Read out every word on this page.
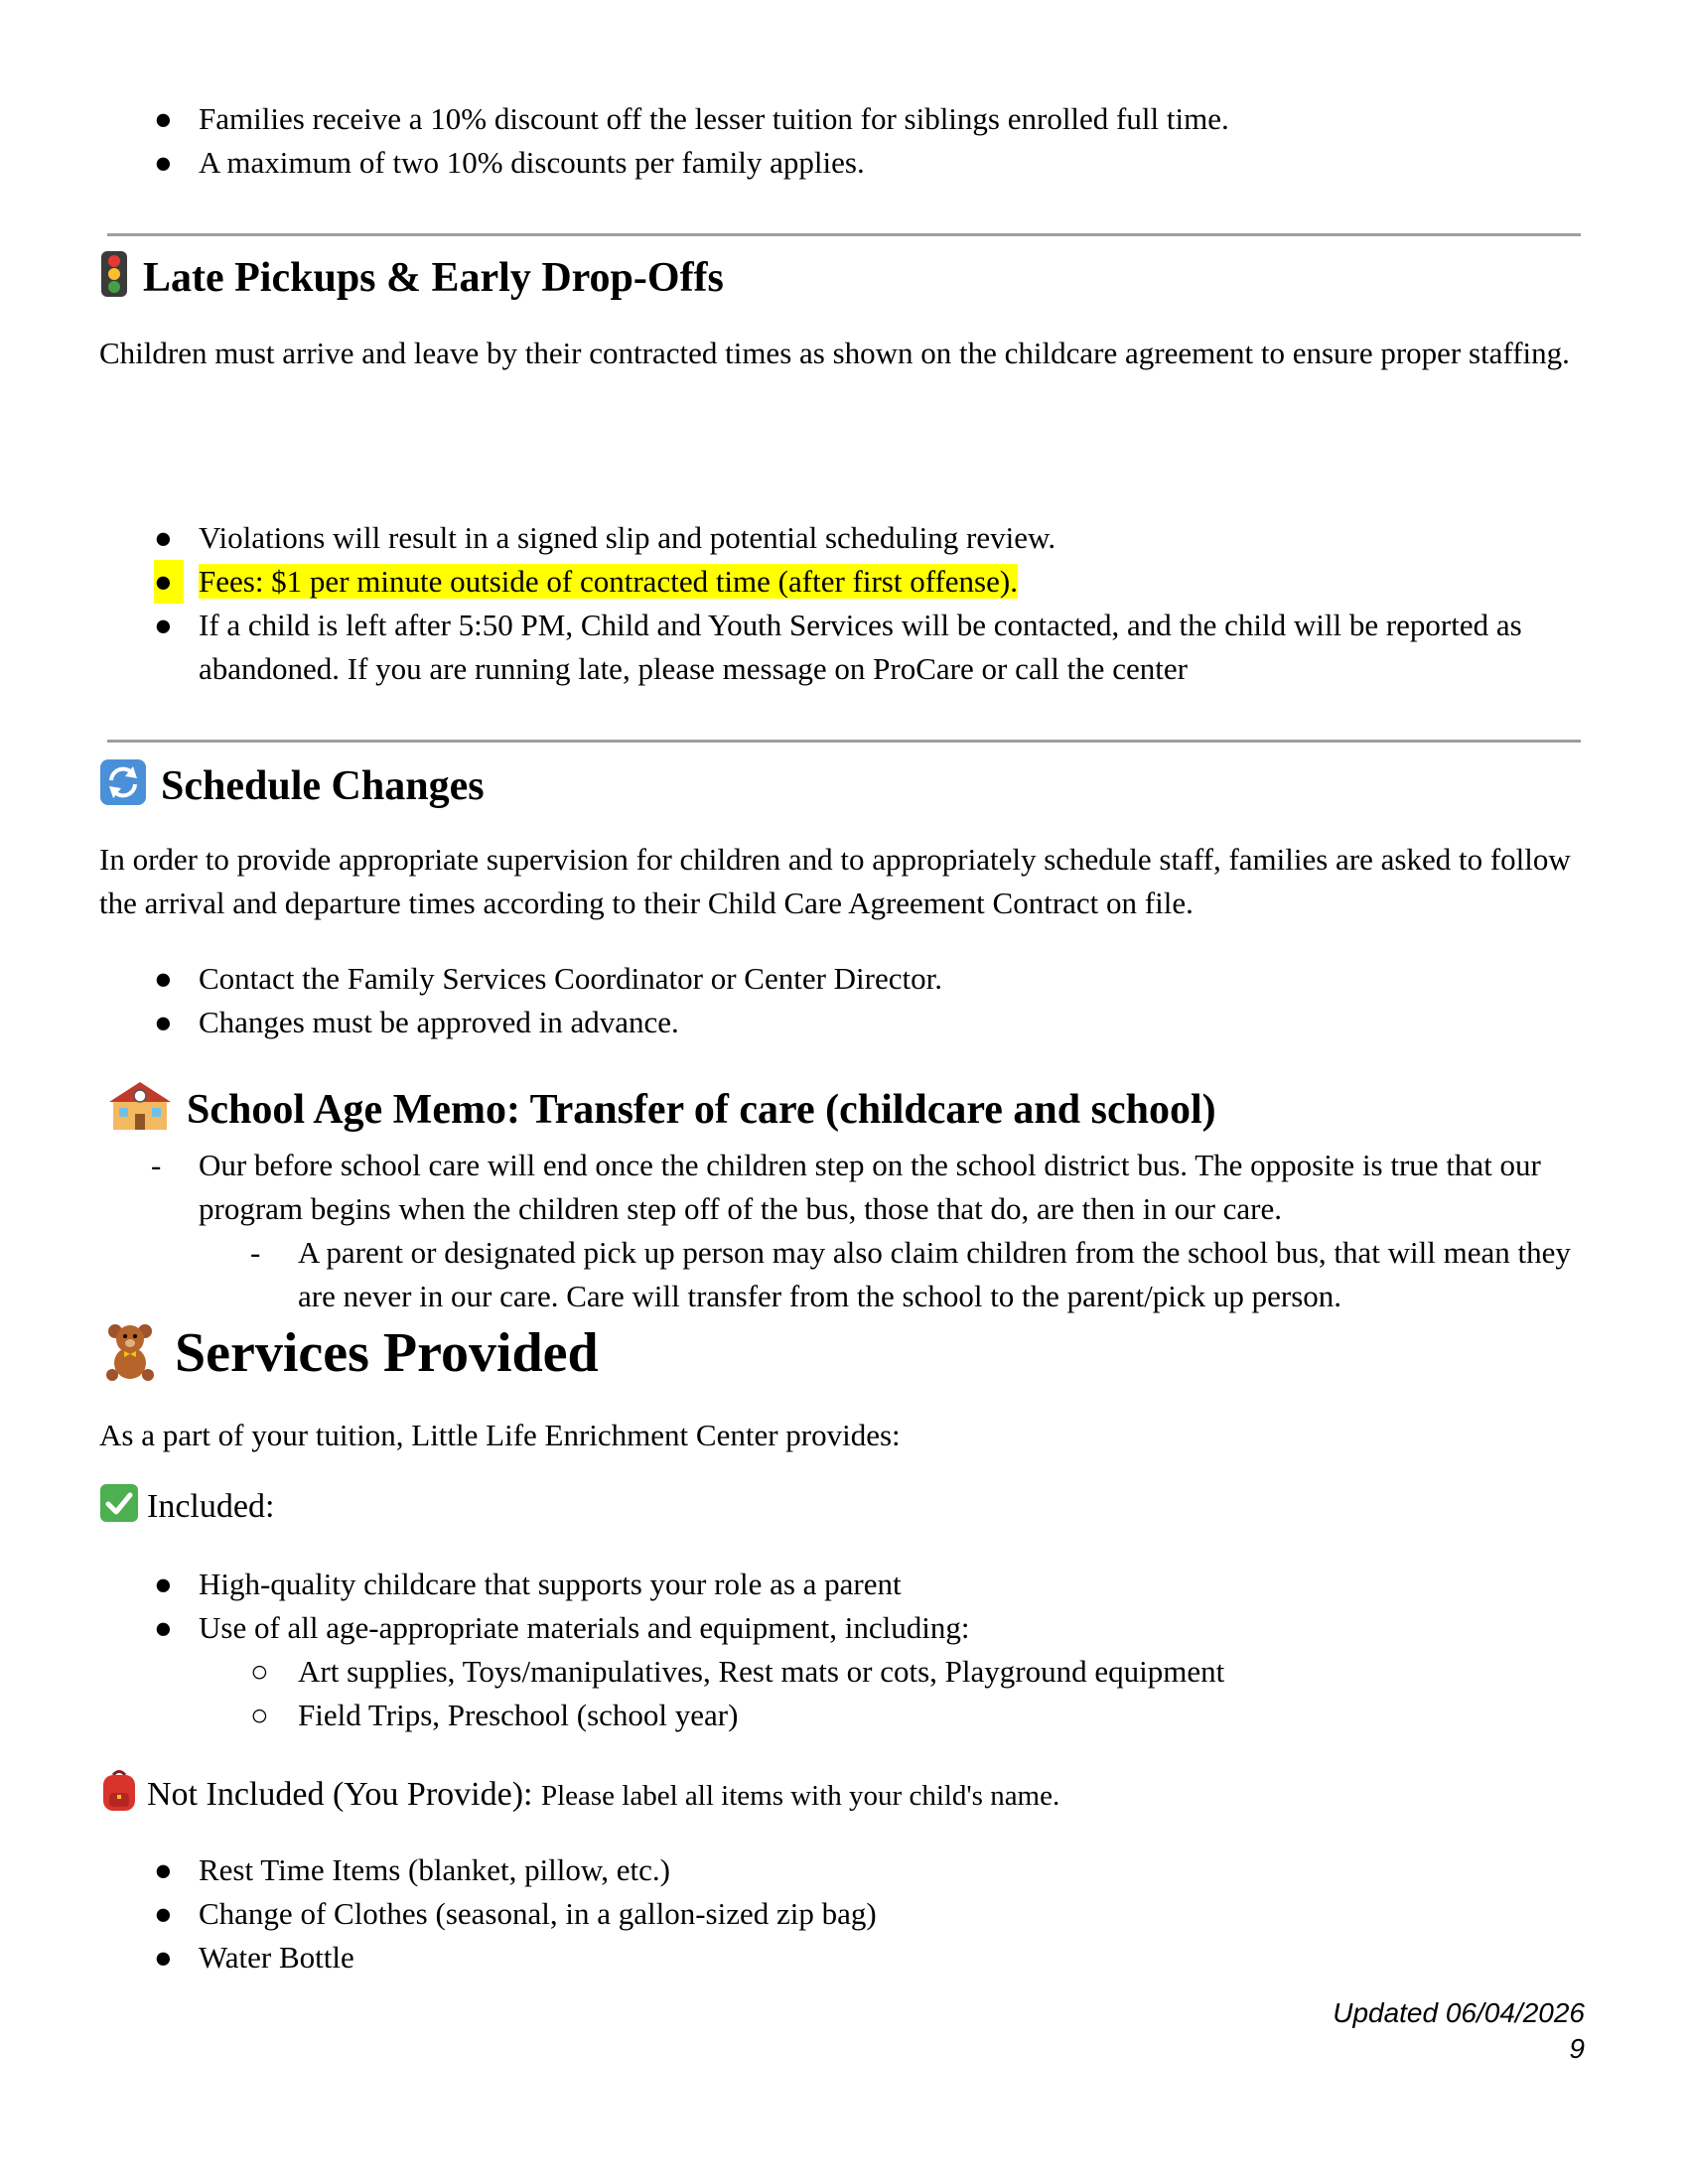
● Families receive a 10% discount off the lesser tuition for siblings enrolled full time.
● A maximum of two 10% discounts per family applies.
Late Pickups & Early Drop-Offs

Children must arrive and leave by their contracted times as shown on the childcare agreement to ensure proper staffing.

● Violations will result in a signed slip and potential scheduling review.
● Fees: $1 per minute outside of contracted time (after first offense).
● If a child is left after 5:50 PM, Child and Youth Services will be contacted, and the child will be reported as abandoned. If you are running late, please message on ProCare or call the center
Schedule Changes

In order to provide appropriate supervision for children and to appropriately schedule staff, families are asked to follow the arrival and departure times according to their Child Care Agreement Contract on file.

● Contact the Family Services Coordinator or Center Director.
● Changes must be approved in advance.
School Age Memo: Transfer of care (childcare and school)
-	Our before school care will end once the children step on the school district bus. The opposite is true that our program begins when the children step off of the bus, those that do, are then in our care.
-	A parent or designated pick up person may also claim children from the school bus, that will mean they are never in our care. Care will transfer from the school to the parent/pick up person.
Services Provided

As a part of your tuition, Little Life Enrichment Center provides:

Included:

● High-quality childcare that supports your role as a parent
● Use of all age-appropriate materials and equipment, including:
○ Art supplies, Toys/manipulatives, Rest mats or cots, Playground equipment
○ Field Trips, Preschool (school year)

Not Included (You Provide): Please label all items with your child's name.

● Rest Time Items (blanket, pillow, etc.)
● Change of Clothes (seasonal, in a gallon-sized zip bag)
● Water Bottle
Updated 06/04/2026
9
